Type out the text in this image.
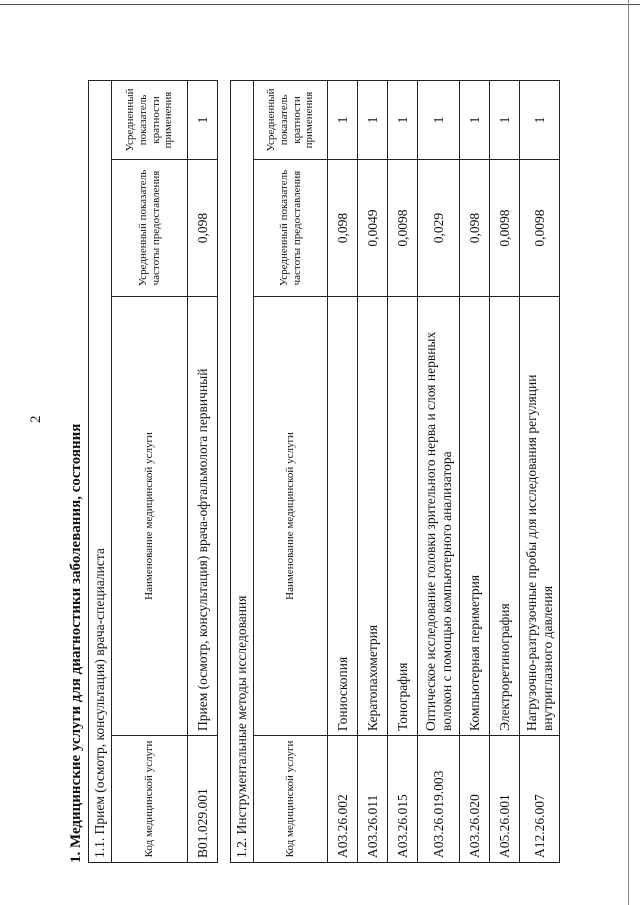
2
1. Медицинские услуги для диагностики заболевания, состояния 1.1. Прием (осмотр, консультация) врача-специалиста			
Код медицинской услуги	Наименование медицинской услуги	Усредненный показатель частоты предоставления	Усредненный показатель кратности применения
В01.029.001	Прием (осмотр, консультация) врача-офтальмолога первичный	0,098	1
1.2. Инструментальные методы исследования			
Код медицинской услуги	Наименование медицинской услуги	Усредненный показатель частоты предоставления	Усредненный показатель кратности применения
А03.26.002	Гониоскопия	0,098	1
А03.26.011	Кератопахометрия	0,0049	1
А03.26.015	Тонография	0,0098	1
А03.26.019.003	Оптическое исследование головки зрительного нерва и слоя нервных волокон с помощью компьютерного анализатора	0,029	1
А03.26.020	Компьютерная периметрия	0,098	1
А05.26.001	Электроретинография	0,0098	1
А12.26.007	Нагрузочно-разгрузочные пробы для исследования регуляции внутриглазного давления	0,0098	1
